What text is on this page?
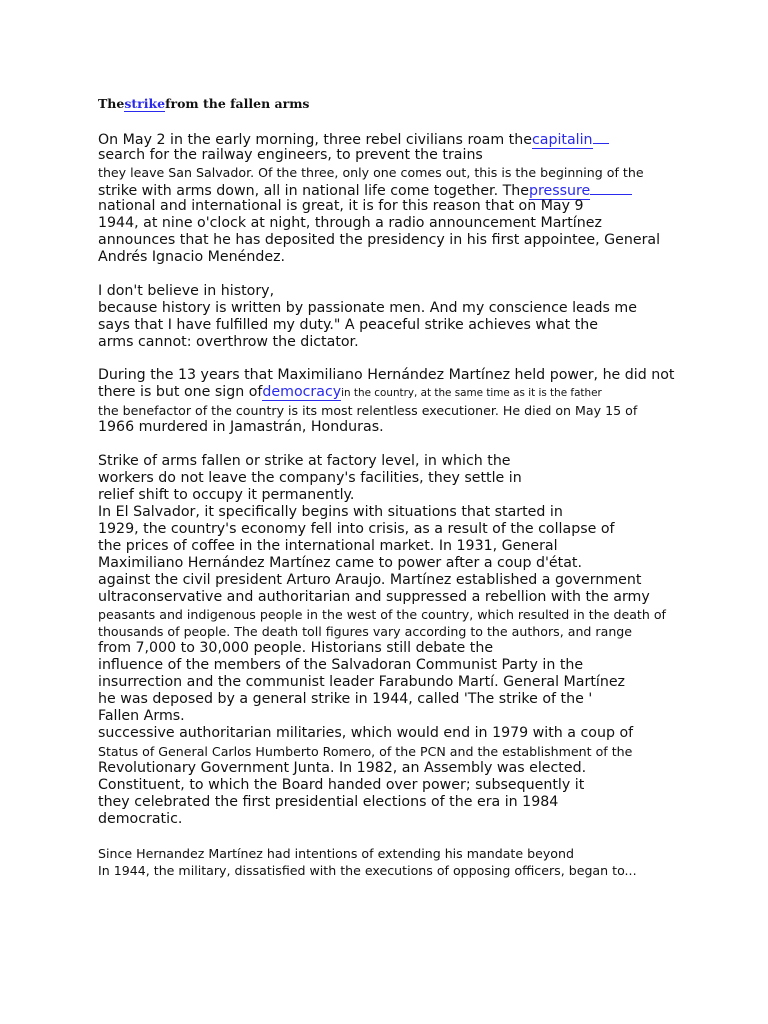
Thestrikefrom the fallen arms
On May 2 in the early morning, three rebel civilians roam thecapitalin
search for the railway engineers, to prevent the trains
they leave San Salvador. Of the three, only one comes out, this is the beginning of the
strike with arms down, all in national life come together. Thepressure
national and international is great, it is for this reason that on May 9
1944, at nine o'clock at night, through a radio announcement Martínez
announces that he has deposited the presidency in his first appointee, General
Andrés Ignacio Menéndez.
I don't believe in history,
because history is written by passionate men. And my conscience leads me
says that I have fulfilled my duty." A peaceful strike achieves what the
arms cannot: overthrow the dictator.
During the 13 years that Maximiliano Hernández Martínez held power, he did not
there is but one sign ofdemocracyin the country, at the same time as it is the father
the benefactor of the country is its most relentless executioner. He died on May 15 of
1966 murdered in Jamastrán, Honduras.
Strike of arms fallen or strike at factory level, in which the
workers do not leave the company's facilities, they settle in
relief shift to occupy it permanently.
In El Salvador, it specifically begins with situations that started in
1929, the country's economy fell into crisis, as a result of the collapse of
the prices of coffee in the international market. In 1931, General
Maximiliano Hernández Martínez came to power after a coup d'état.
against the civil president Arturo Araujo. Martínez established a government
ultraconservative and authoritarian and suppressed a rebellion with the army
peasants and indigenous people in the west of the country, which resulted in the death of
thousands of people. The death toll figures vary according to the authors, and range
from 7,000 to 30,000 people. Historians still debate the
influence of the members of the Salvadoran Communist Party in the
insurrection and the communist leader Farabundo Martí. General Martínez
he was deposed by a general strike in 1944, called 'The strike of the '
Fallen Arms.
successive authoritarian militaries, which would end in 1979 with a coup of
Status of General Carlos Humberto Romero, of the PCN and the establishment of the
Revolutionary Government Junta. In 1982, an Assembly was elected.
Constituent, to which the Board handed over power; subsequently it
they celebrated the first presidential elections of the era in 1984
democratic.
Since Hernandez Martínez had intentions of extending his mandate beyond
In 1944, the military, dissatisfied with the executions of opposing officers, began to...
